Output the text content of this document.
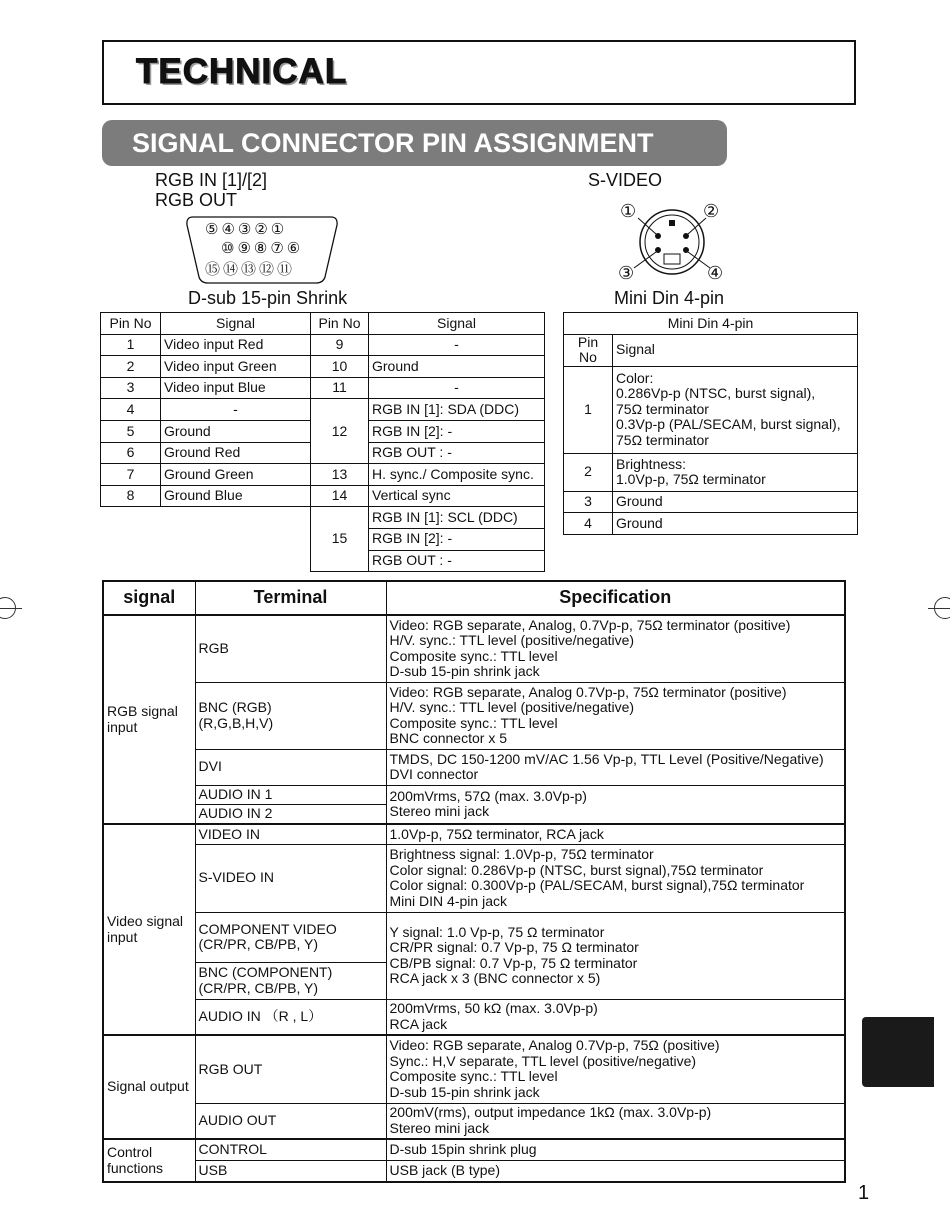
TECHNICAL
SIGNAL CONNECTOR PIN ASSIGNMENT
RGB IN [1]/[2]
RGB OUT
⑤④③②①
⑩⑨⑧⑦⑥
⑮⑭⑬⑫⑪
D-sub 15-pin Shrink
S-VIDEO
①	②
③	④
Mini Din 4-pin
Pin No	Signal	Pin No	Signal
1	Video input Red	9	-
2	Video input Green	10	Ground
3	Video input Blue	11	-
4	-	12	RGB IN [1]: SDA (DDC)
5	Ground		RGB IN [2]: -
6	Ground Red		RGB OUT : -
7	Ground Green	13	H. sync./ Composite sync.
8	Ground Blue	14	Vertical sync
		15	RGB IN [1]: SCL (DDC)
			RGB IN [2]: -
			RGB OUT : -
Mini Din 4-pin	
Pin No	Signal
1	Color:
0.286Vp-p (NTSC, burst signal),
75Ω terminator
0.3Vp-p (PAL/SECAM, burst signal),
75Ω terminator
2	Brightness:
1.0Vp-p, 75Ω terminator
3	Ground
4	Ground
signal	Terminal	Specification
RGB signal
input	RGB	Video: RGB separate, Analog, 0.7Vp-p, 75Ω terminator (positive)
H/V. sync.: TTL level (positive/negative)
Composite sync.: TTL level
D-sub 15-pin shrink jack
	BNC (RGB)
(R,G,B,H,V)	Video: RGB separate, Analog 0.7Vp-p, 75Ω terminator (positive)
H/V. sync.: TTL level (positive/negative)
Composite sync.: TTL level
BNC connector x 5
	DVI	TMDS, DC 150-1200 mV/AC 1.56 Vp-p, TTL Level (Positive/Negative)
DVI connector
	AUDIO IN 1	200mVrms, 57Ω (max. 3.0Vp-p)
Stereo mini jack
	AUDIO IN 2	
Video signal
input	VIDEO IN	1.0Vp-p, 75Ω terminator, RCA jack
	S-VIDEO IN	Brightness signal: 1.0Vp-p, 75Ω terminator
Color signal: 0.286Vp-p (NTSC, burst signal),75Ω terminator
Color signal: 0.300Vp-p (PAL/SECAM, burst signal),75Ω terminator
Mini DIN 4-pin jack
	COMPONENT VIDEO
(CR/PR, CB/PB, Y)	Y signal: 1.0 Vp-p, 75 Ω terminator
CR/PR signal: 0.7 Vp-p, 75 Ω terminator
CB/PB signal: 0.7 Vp-p, 75 Ω terminator
RCA jack x 3 (BNC connector x 5)
	BNC (COMPONENT)
(CR/PR, CB/PB, Y)	
	AUDIO IN （R , L）	200mVrms, 50 kΩ (max. 3.0Vp-p)
RCA jack
Signal output	RGB OUT	Video: RGB separate, Analog 0.7Vp-p, 75Ω (positive)
Sync.: H,V separate, TTL level (positive/negative)
Composite sync.: TTL level
D-sub 15-pin shrink jack
	AUDIO OUT	200mV(rms), output impedance 1kΩ (max. 3.0Vp-p)
Stereo mini jack
Control
functions	CONTROL	D-sub 15pin shrink plug
	USB	USB jack (B type)
1
